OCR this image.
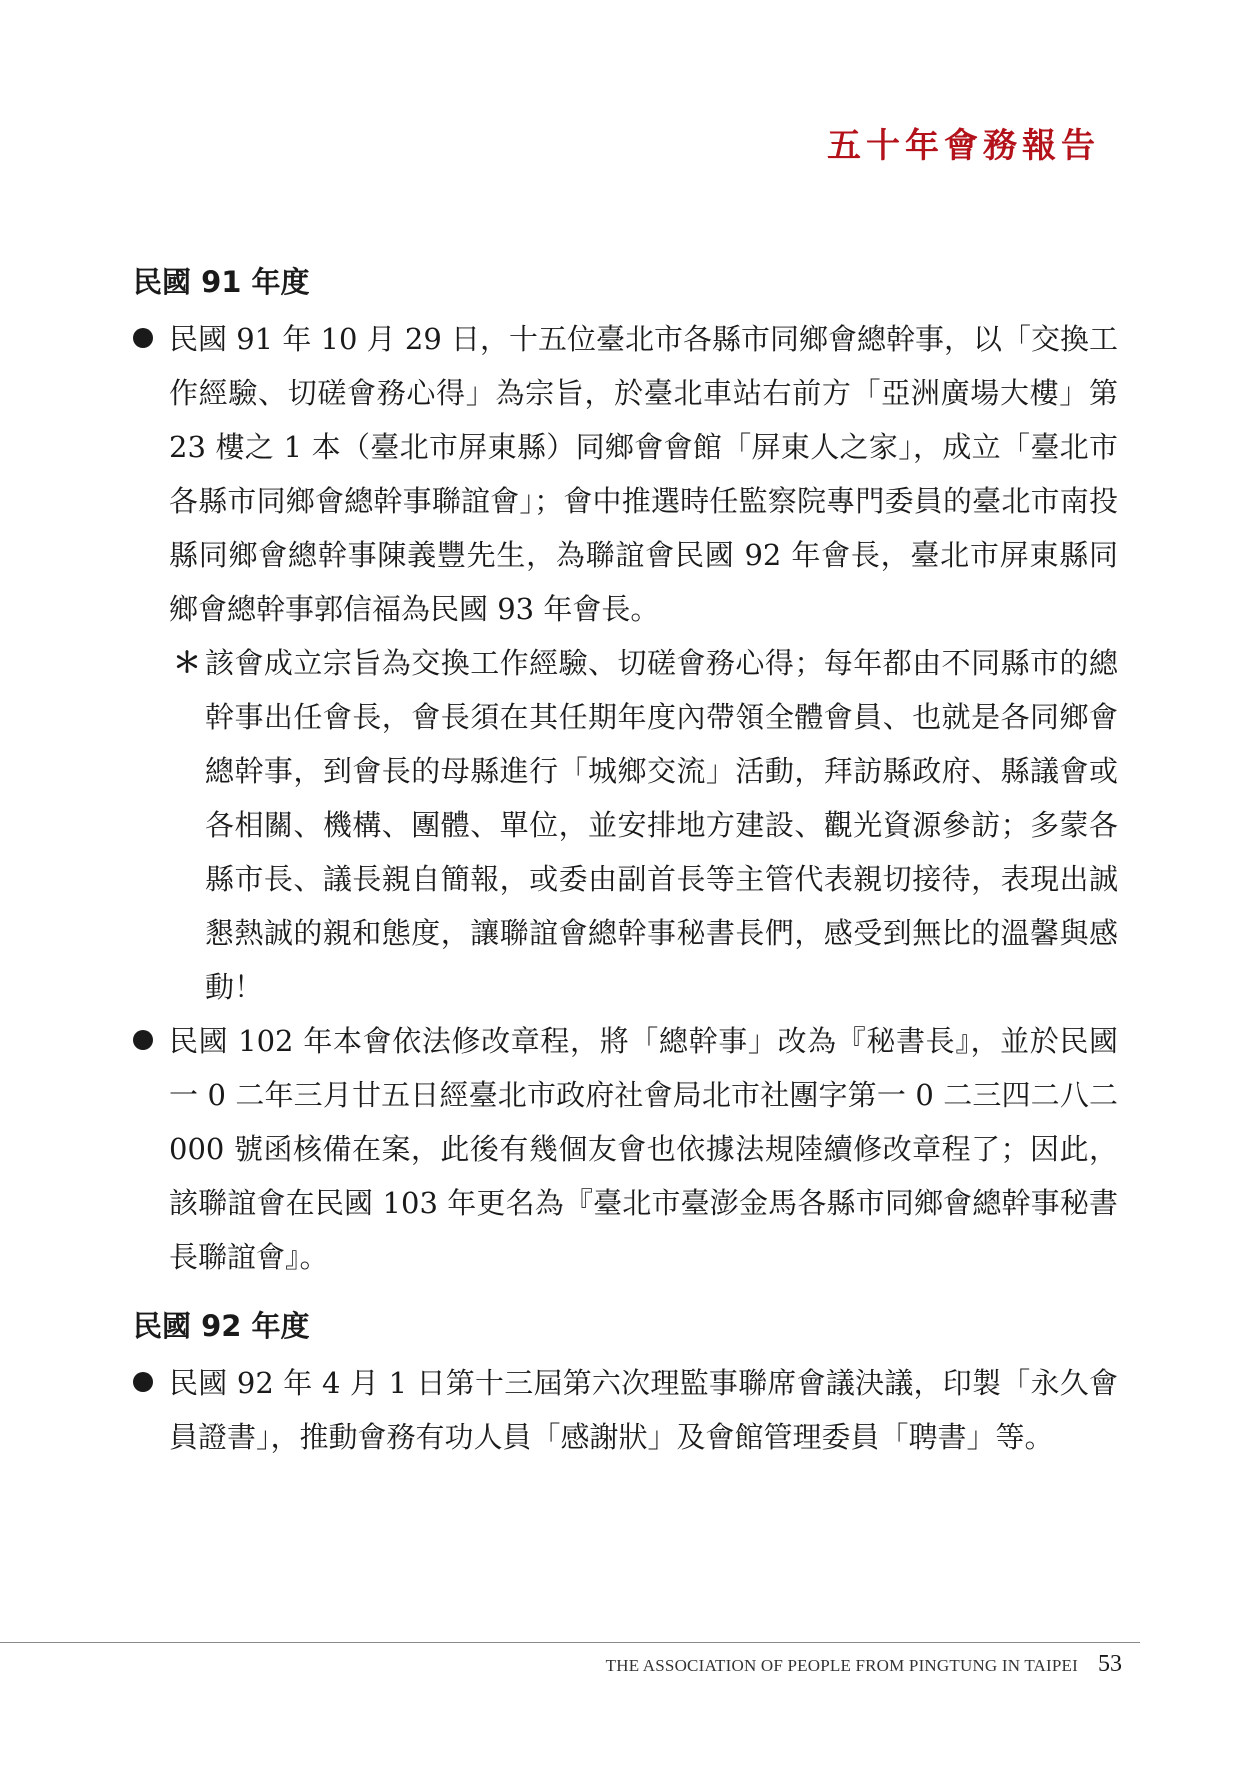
五十年會務報告
民國 91 年度

民國 91 年 10 月 29 日，十五位臺北市各縣市同鄉會總幹事，以「交換工作經驗、切磋會務心得」為宗旨，於臺北車站右前方「亞洲廣場大樓」第 23 樓之 1 本（臺北市屏東縣）同鄉會會館「屏東人之家」，成立「臺北市各縣市同鄉會總幹事聯誼會」；會中推選時任監察院專門委員的臺北市南投縣同鄉會總幹事陳義豐先生，為聯誼會民國 92 年會長，臺北市屏東縣同鄉會總幹事郭信福為民國 93 年會長。

＊ 該會成立宗旨為交換工作經驗、切磋會務心得；每年都由不同縣市的總幹事出任會長，會長須在其任期年度內帶領全體會員、也就是各同鄉會總幹事，到會長的母縣進行「城鄉交流」活動，拜訪縣政府、縣議會或各相關、機構、團體、單位，並安排地方建設、觀光資源參訪；多蒙各縣市長、議長親自簡報，或委由副首長等主管代表親切接待，表現出誠懇熱誠的親和態度，讓聯誼會總幹事秘書長們，感受到無比的溫馨與感動！

民國 102 年本會依法修改章程，將「總幹事」改為『秘書長』，並於民國一 0 二年三月廿五日經臺北市政府社會局北市社團字第一 0 二三四二八二 000 號函核備在案，此後有幾個友會也依據法規陸續修改章程了；因此，該聯誼會在民國 103 年更名為『臺北市臺澎金馬各縣市同鄉會總幹事秘書長聯誼會』。

民國 92 年度

民國 92 年 4 月 1 日第十三屆第六次理監事聯席會議決議，印製「永久會員證書」，推動會務有功人員「感謝狀」及會館管理委員「聘書」等。

THE ASSOCIATION OF PEOPLE FROM PINGTUNG IN TAIPEI 53
